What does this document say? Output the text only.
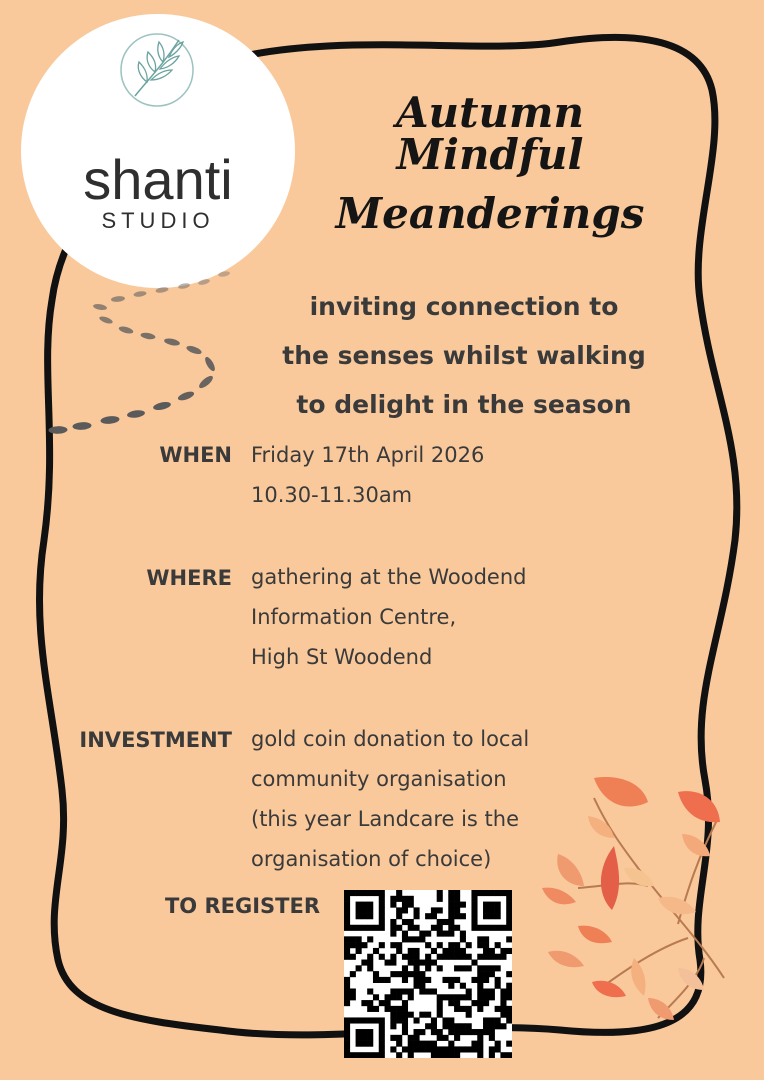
shanti
STUDIO
Autumn Mindful
Meanderings
inviting connection to
the senses whilst walking
to delight in the season
WHEN Friday 17th April 2026
10.30-11.30am
WHERE gathering at the Woodend
Information Centre,
High St Woodend
INVESTMENT gold coin donation to local
community organisation
(this year Landcare is the
organisation of choice)
TO REGISTER
